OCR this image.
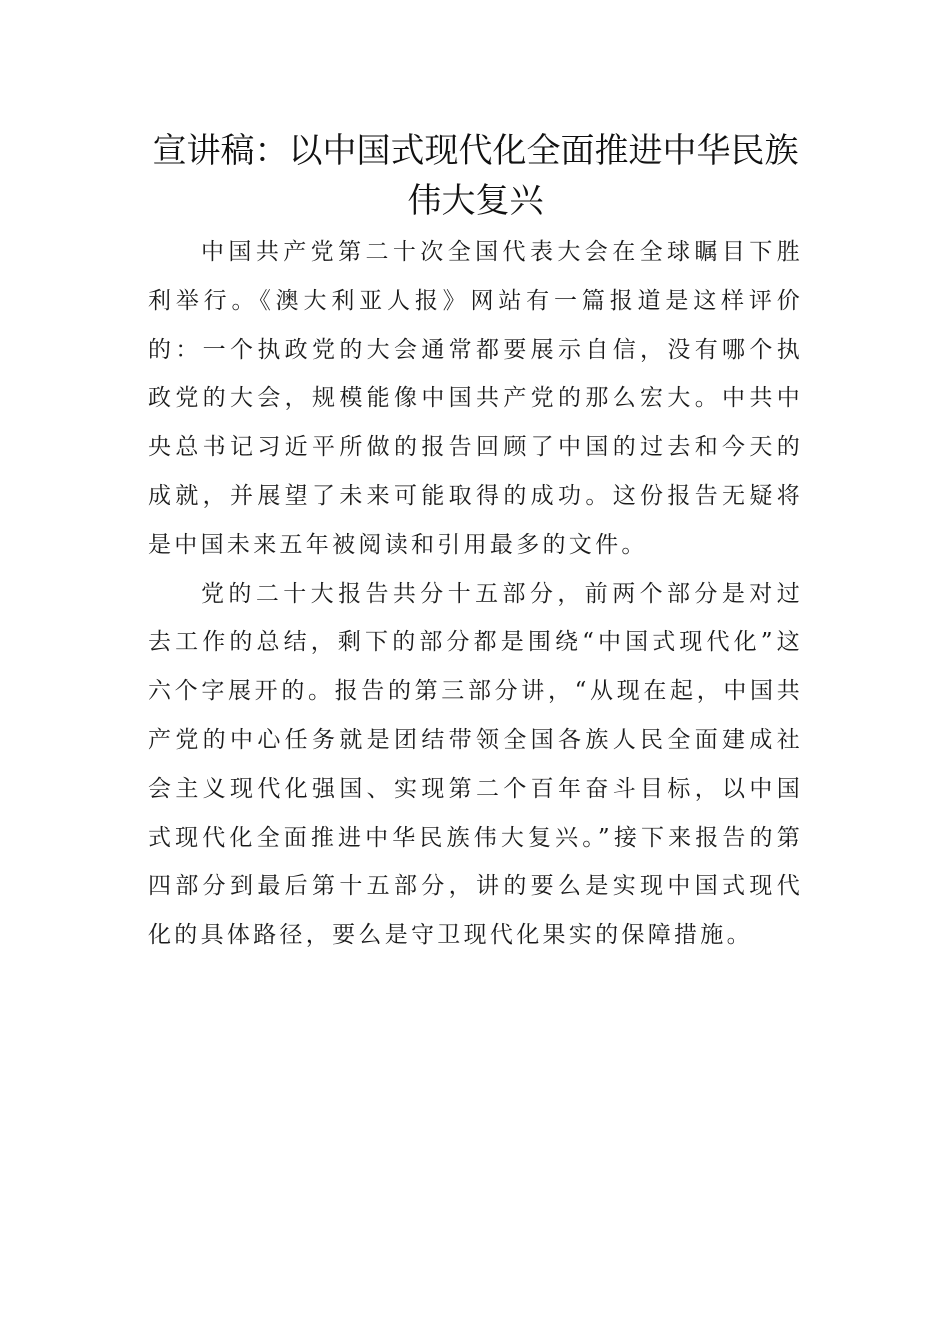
宣讲稿：以中国式现代化全面推进中华民族伟大复兴

中国共产党第二十次全国代表大会在全球瞩目下胜利举行。《澳大利亚人报》网站有一篇报道是这样评价的：一个执政党的大会通常都要展示自信，没有哪个执政党的大会，规模能像中国共产党的那么宏大。中共中央总书记习近平所做的报告回顾了中国的过去和今天的成就，并展望了未来可能取得的成功。这份报告无疑将是中国未来五年被阅读和引用最多的文件。

党的二十大报告共分十五部分，前两个部分是对过去工作的总结，剩下的部分都是围绕“中国式现代化”这六个字展开的。报告的第三部分讲，“从现在起，中国共产党的中心任务就是团结带领全国各族人民全面建成社会主义现代化强国、实现第二个百年奋斗目标，以中国式现代化全面推进中华民族伟大复兴。”接下来报告的第四部分到最后第十五部分，讲的要么是实现中国式现代化的具体路径，要么是守卫现代化果实的保障措施。
